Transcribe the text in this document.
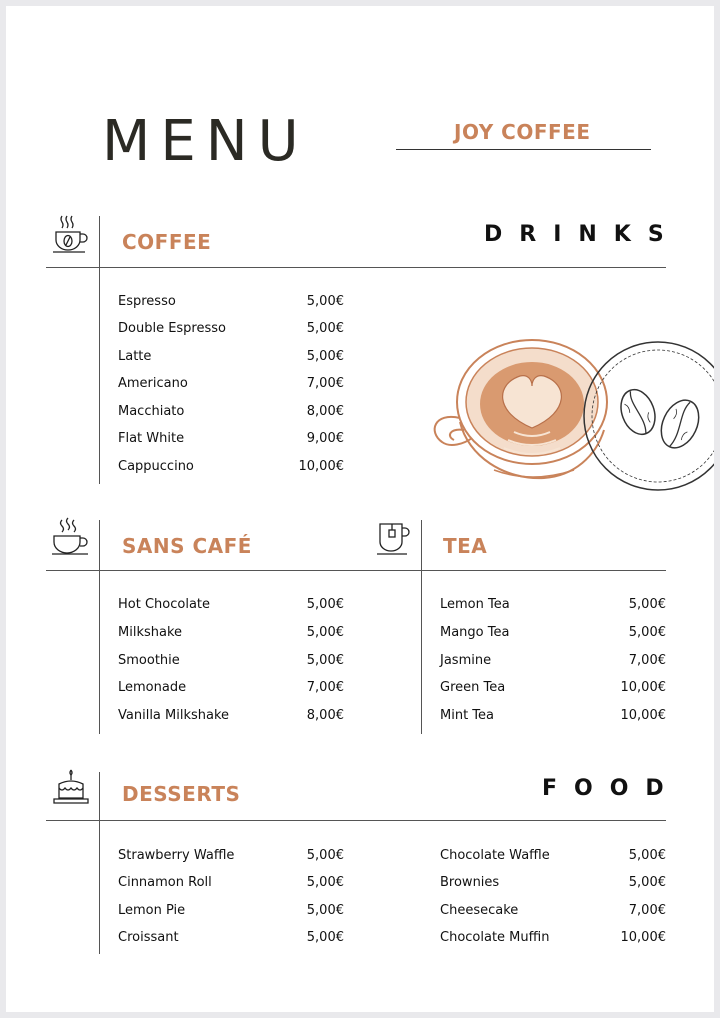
MENU	JOY COFFEE
COFFEE	DRINKS
Espresso	5,00€
Double Espresso	5,00€
Latte	5,00€
Americano	7,00€
Macchiato	8,00€
Flat White	9,00€
Cappuccino	10,00€
SANS CAFÉ	TEA
Hot Chocolate	5,00€
Milkshake	5,00€
Smoothie	5,00€
Lemonade	7,00€
Vanilla Milkshake	8,00€
Lemon Tea	5,00€
Mango Tea	5,00€
Jasmine	7,00€
Green Tea	10,00€
Mint Tea	10,00€
DESSERTS	FOOD
Strawberry Waffle	5,00€
Cinnamon Roll	5,00€
Lemon Pie	5,00€
Croissant	5,00€
Chocolate Waffle	5,00€
Brownies	5,00€
Cheesecake	7,00€
Chocolate Muffin	10,00€
